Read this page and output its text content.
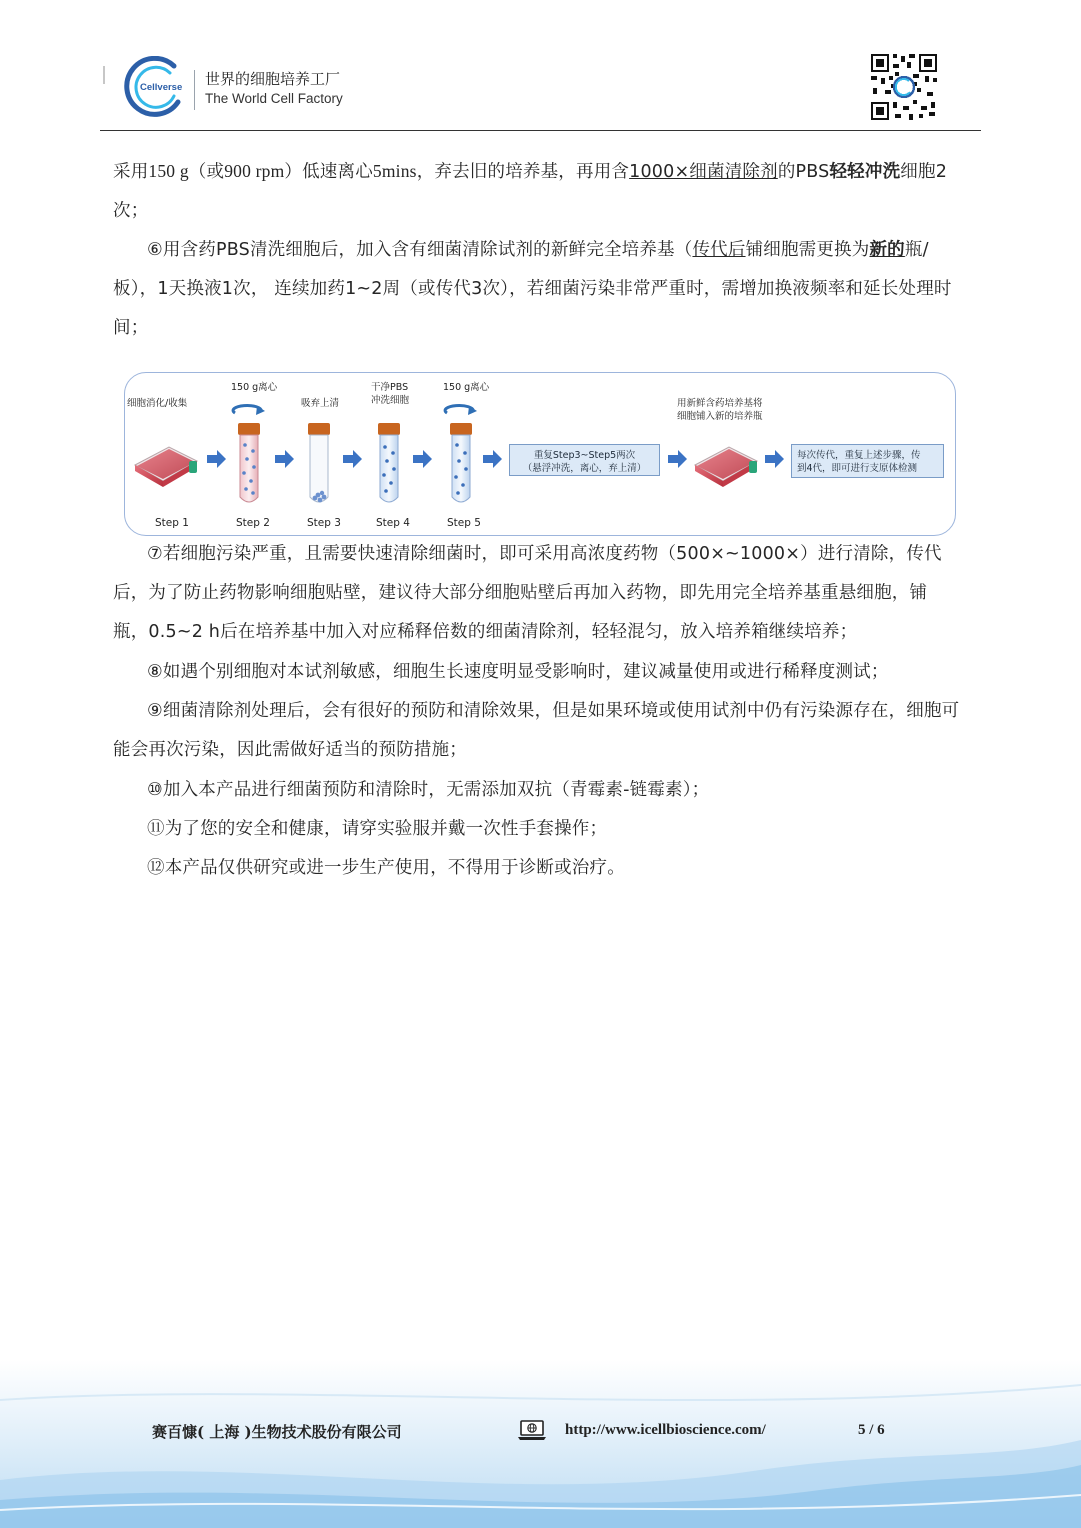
Cellverse 世界的细胞培养工厂
The World Cell Factory
采用150 g（或900 rpm）低速离心5mins，弃去旧的培养基，再用含1000×细菌清除剂的PBS轻轻冲洗细胞2次；
⑥用含药PBS清洗细胞后，加入含有细菌清除试剂的新鲜完全培养基（传代后铺细胞需更换为新的瓶/板），1天换液1次， 连续加药1~2周（或传代3次），若细菌污染非常严重时，需增加换液频率和延长处理时间；
细胞消化/收集
150 g离心
吸弃上清
干净PBS
冲洗细胞
150 g离心
重复Step3~Step5两次
（悬浮冲洗，离心，弃上清）
用新鲜含药培养基将
细胞铺入新的培养瓶
每次传代，重复上述步骤，传
到4代，即可进行支原体检测
Step 1	Step 2	Step 3	Step 4	Step 5
⑦若细胞污染严重，且需要快速清除细菌时，即可采用高浓度药物（500×~1000×）进行清除，传代后，为了防止药物影响细胞贴壁，建议待大部分细胞贴壁后再加入药物，即先用完全培养基重悬细胞，铺瓶，0.5~2 h后在培养基中加入对应稀释倍数的细菌清除剂，轻轻混匀，放入培养箱继续培养；
⑧如遇个别细胞对本试剂敏感，细胞生长速度明显受影响时，建议减量使用或进行稀释度测试；
⑨细菌清除剂处理后，会有很好的预防和清除效果，但是如果环境或使用试剂中仍有污染源存在，细胞可能会再次污染，因此需做好适当的预防措施；
⑩加入本产品进行细菌预防和清除时，无需添加双抗（青霉素-链霉素）；
⑪为了您的安全和健康，请穿实验服并戴一次性手套操作；
⑫本产品仅供研究或进一步生产使用，不得用于诊断或治疗。
赛百慷( 上海 )生物技术股份有限公司	http://www.icellbioscience.com/	5 / 6
